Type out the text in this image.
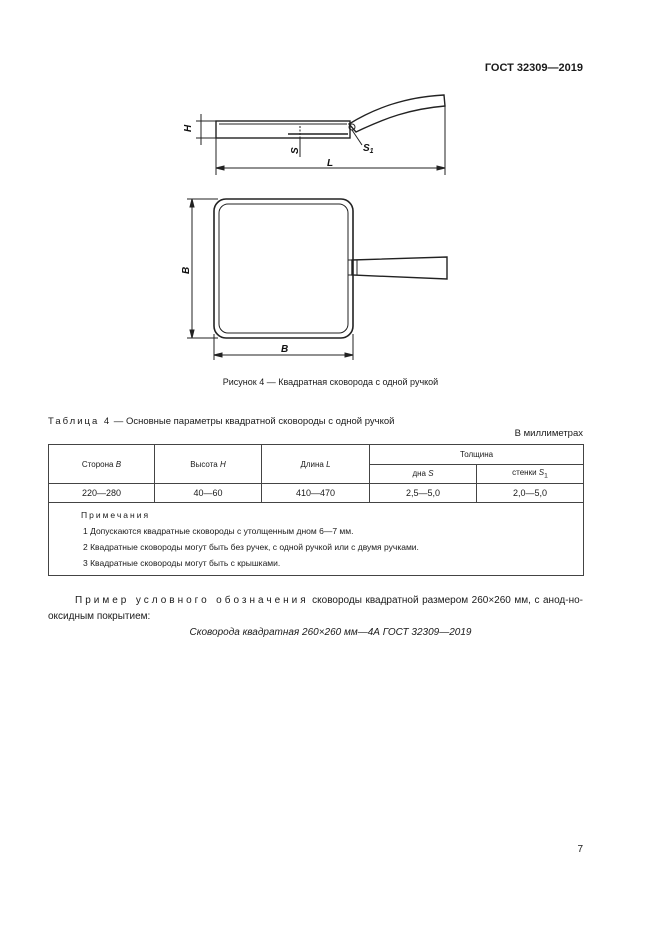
ГОСТ 32309—2019
H
S	$S_1$
L
B
B
Рисунок 4 — Квадратная сковорода с одной ручкой
Таблица 4 — Основные параметры квадратной сковороды с одной ручкой
В миллиметрах
Сторона B	Высота H	Длина L	Толщина	
			дна S	стенки $S_1$
220—280	40—60	410—470	2,5—5,0	2,0—5,0

Примечания
1 Допускаются квадратные сковороды с утолщенным дном 6—7 мм.
2 Квадратные сковороды могут быть без ручек, с одной ручкой или с двумя ручками.
3 Квадратные сковороды могут быть с крышками.				
Пример условного обозначения сковороды квадратной размером 260×260 мм, с анод-но-оксидным покрытием:
Сковорода квадратная 260×260 мм—4А ГОСТ 32309—2019
7
